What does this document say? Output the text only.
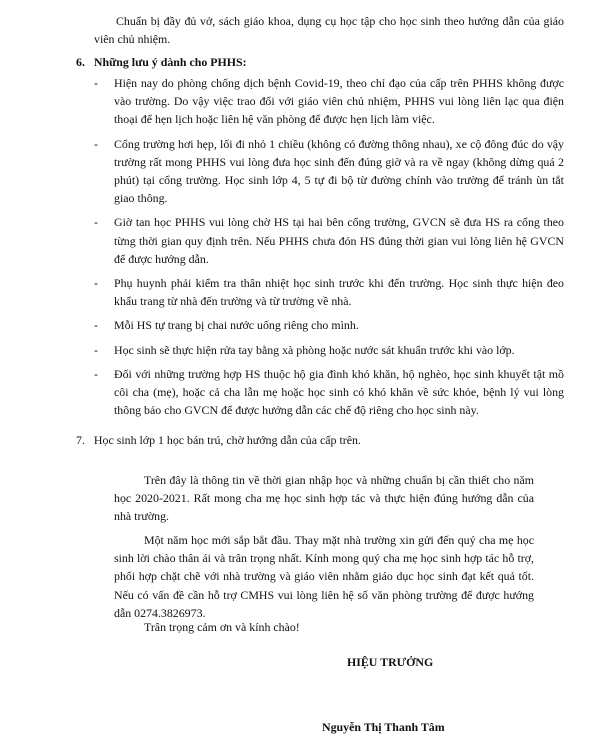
Chuẩn bị đầy đủ vở, sách giáo khoa, dụng cụ học tập cho học sinh theo hướng dẫn của giáo viên chủ nhiệm.

6. Những lưu ý dành cho PHHS:
- Hiện nay do phòng chống dịch bệnh Covid-19, theo chỉ đạo của cấp trên PHHS không được vào trường. Do vậy việc trao đổi với giáo viên chủ nhiệm, PHHS vui lòng liên lạc qua điện thoại để hẹn lịch hoặc liên hệ văn phòng để được hẹn lịch làm việc.
- Cổng trường hơi hẹp, lối đi nhỏ 1 chiều (không có đường thông nhau), xe cộ đông đúc do vậy trường rất mong PHHS vui lòng đưa học sinh đến đúng giờ và ra về ngay (không dừng quá 2 phút) tại cổng trường. Học sinh lớp 4, 5 tự đi bộ từ đường chính vào trường để tránh ùn tắt giao thông.
- Giờ tan học PHHS vui lòng chờ HS tại hai bên cổng trường, GVCN sẽ đưa HS ra cổng theo từng thời gian quy định trên. Nếu PHHS chưa đón HS đúng thời gian vui lòng liên hệ GVCN để được hướng dẫn.
- Phụ huynh phải kiểm tra thân nhiệt học sinh trước khi đến trường. Học sinh thực hiện đeo khẩu trang từ nhà đến trường và từ trường về nhà.
- Mỗi HS tự trang bị chai nước uống riêng cho mình.
- Học sinh sẽ thực hiện rửa tay bằng xà phòng hoặc nước sát khuẩn trước khi vào lớp.
- Đối với những trường hợp HS thuộc hộ gia đình khó khăn, hộ nghèo, học sinh khuyết tật mồ côi cha (mẹ), hoặc cả cha lẫn mẹ hoặc học sinh có khó khăn về sức khỏe, bệnh lý vui lòng thông báo cho GVCN để được hướng dẫn các chế độ riêng cho học sinh này.
7. Học sinh lớp 1 học bán trú, chờ hướng dẫn của cấp trên.

Trên đây là thông tin về thời gian nhập học và những chuẩn bị cần thiết cho năm học 2020-2021. Rất mong cha mẹ học sinh hợp tác và thực hiện đúng hướng dẫn của nhà trường.

Một năm học mới sắp bắt đầu. Thay mặt nhà trường xin gửi đến quý cha mẹ học sinh lời chào thân ái và trân trọng nhất. Kính mong quý cha mẹ học sinh hợp tác hỗ trợ, phối hợp chặt chẽ với nhà trường và giáo viên nhằm giáo dục học sinh đạt kết quả tốt. Nếu có vấn đề cần hỗ trợ CMHS vui lòng liên hệ số văn phòng trường để được hướng dẫn 0274.3826973.

Trân trọng cảm ơn và kính chào!

HIỆU TRƯỞNG
Nguyễn Thị Thanh Tâm
